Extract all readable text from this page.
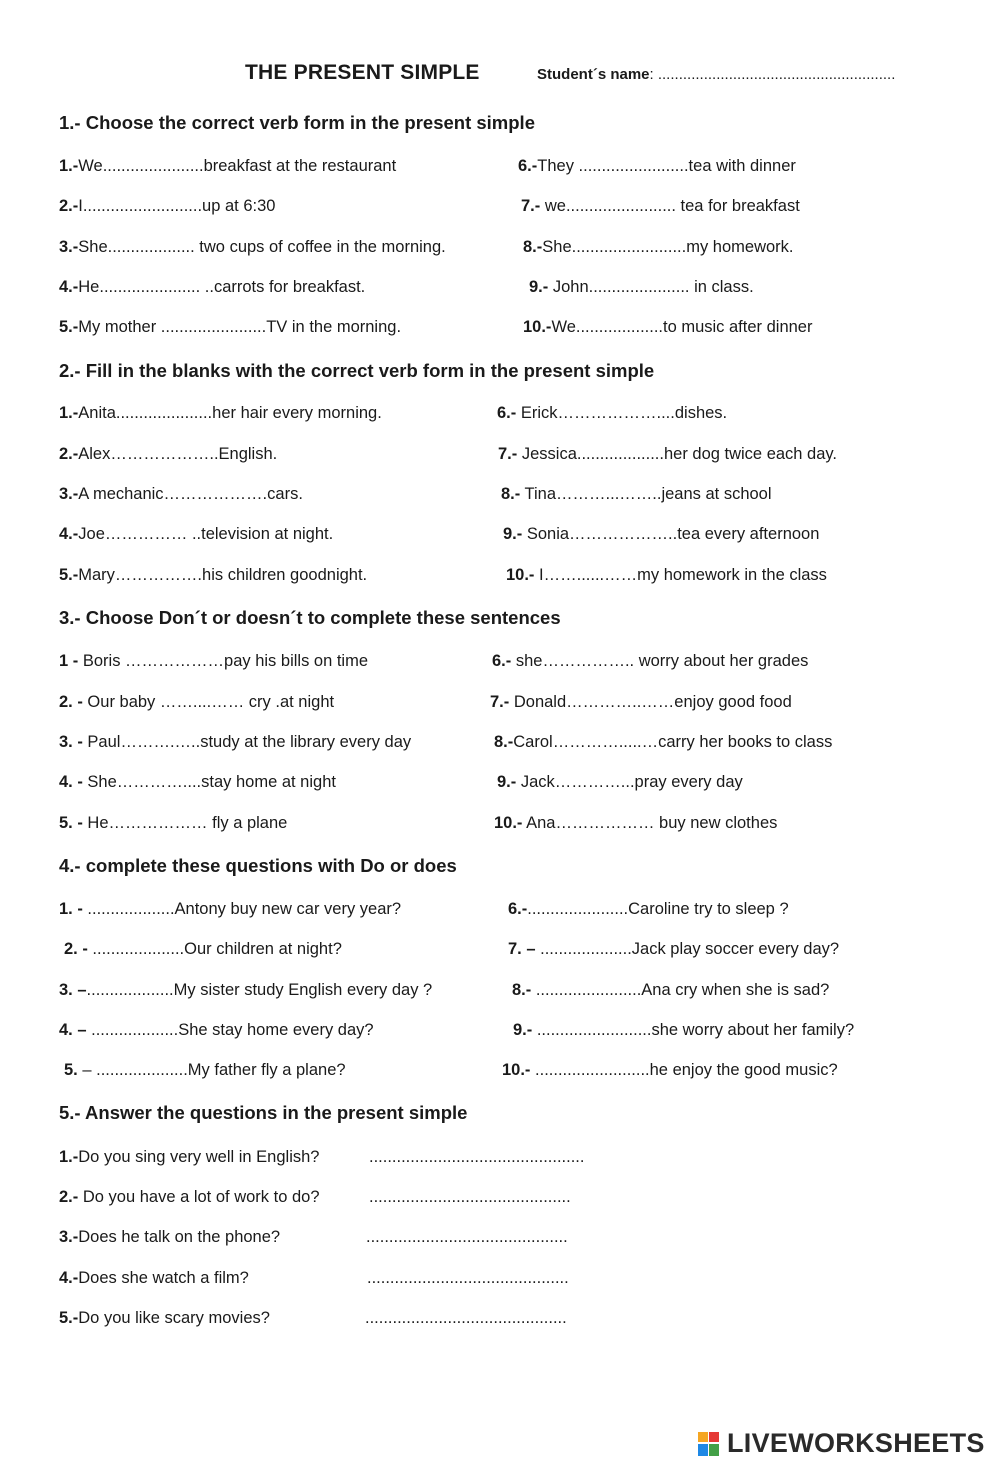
THE PRESENT SIMPLE	Student´s name: .........................................................
1.- Choose the correct verb form in the present simple
1.-We......................breakfast at the restaurant
2.-I..........................up at 6:30
3.-She................... two cups of coffee in the morning.
4.-He...................... ..carrots for breakfast.
5.-My mother .......................TV in the morning.
6.-They ........................tea with dinner
7.- we........................ tea for breakfast
8.-She.........................my homework.
9.- John...................... in class.
10.-We...................to music after dinner
2.- Fill in the blanks with the correct verb form in the present simple
1.-Anita.....................her hair every morning.
2.-Alex………………..English.
3.-A mechanic……………….cars.
4.-Joe…………… ..television at night.
5.-Mary…………….his children goodnight.
6.- Erick………………....dishes.
7.- Jessica...................her dog twice each day.
8.- Tina………...……..jeans at school
9.- Sonia………………..tea every afternoon
10.- I……......……my homework in the class
3.- Choose Don´t or doesn´t to complete these sentences
1 - Boris ………………pay his bills on time
2. - Our baby ……....…… cry .at night
3. - Paul……….…..study at the library every day
4. - She…………....stay home at night
5. - He……………… fly a plane
6.- she…………….. worry about her grades
7.- Donald…………..……enjoy good food
8.-Carol………….....…carry her books to class
9.- Jack…………...pray every day
10.- Ana……………… buy new clothes
4.- complete these questions with Do or does
1. - ...................Antony buy new car very year?
2. - ....................Our children at night?
3. –...................My sister study English every day ?
4. – ...................She stay home every day?
5. – ....................My father fly a plane?
6.-......................Caroline try to sleep ?
7. – ....................Jack play soccer every day?
8.- .......................Ana cry when she is sad?
9.- .........................she worry about her family?
10.- .........................he enjoy the good music?
5.- Answer the questions in the present simple
1.-Do you sing very well in English?	...............................................
2.- Do you have a lot of work to do?	............................................
3.-Does he talk on the phone?	............................................
4.-Does she watch a film?	............................................
5.-Do you like scary movies?	............................................
LIVEWORKSHEETS
